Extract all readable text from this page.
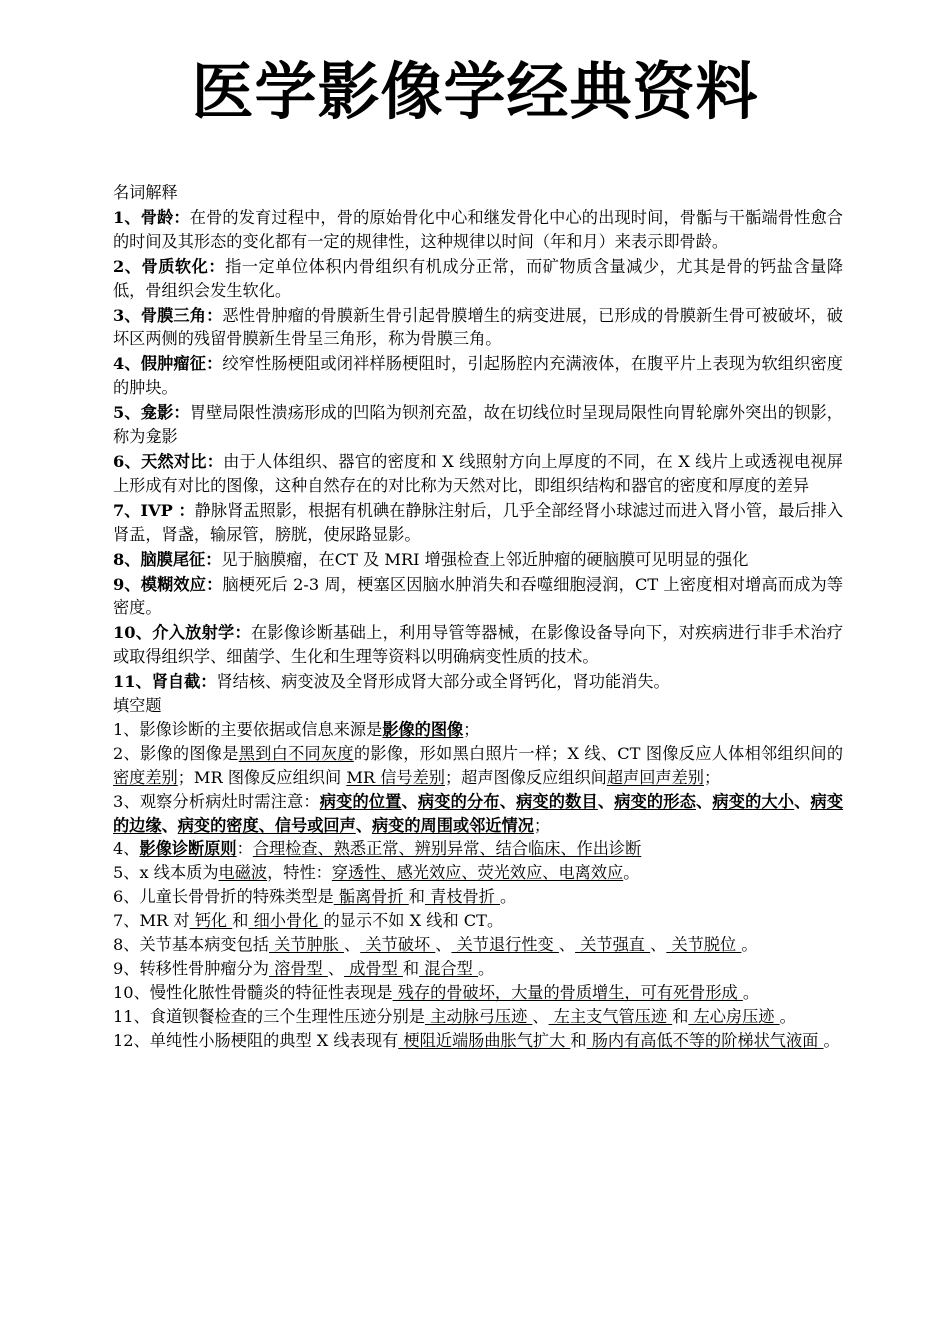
医学影像学经典资料

名词解释

1、骨龄：在骨的发育过程中，骨的原始骨化中心和继发骨化中心的出现时间，骨骺与干骺端骨性愈合的时间及其形态的变化都有一定的规律性，这种规律以时间（年和月）来表示即骨龄。

2、骨质软化：指一定单位体积内骨组织有机成分正常，而矿物质含量减少，尤其是骨的钙盐含量降低，骨组织会发生软化。

3、骨膜三角：恶性骨肿瘤的骨膜新生骨引起骨膜增生的病变进展，已形成的骨膜新生骨可被破坏，破坏区两侧的残留骨膜新生骨呈三角形，称为骨膜三角。

4、假肿瘤征：绞窄性肠梗阻或闭袢样肠梗阻时，引起肠腔内充满液体，在腹平片上表现为软组织密度的肿块。

5、龛影：胃壁局限性溃疡形成的凹陷为钡剂充盈，故在切线位时呈现局限性向胃轮廓外突出的钡影，称为龛影

6、天然对比：由于人体组织、器官的密度和 X 线照射方向上厚度的不同，在 X 线片上或透视电视屏上形成有对比的图像，这种自然存在的对比称为天然对比，即组织结构和器官的密度和厚度的差异

7、IVP ：静脉肾盂照影，根据有机碘在静脉注射后，几乎全部经肾小球滤过而进入肾小管，最后排入肾盂，肾盏，输尿管，膀胱，使尿路显影。

8、脑膜尾征：见于脑膜瘤，在CT 及 MRI 增强检查上邻近肿瘤的硬脑膜可见明显的强化

9、模糊效应：脑梗死后 2-3 周，梗塞区因脑水肿消失和吞噬细胞浸润，CT 上密度相对增高而成为等密度。

10、介入放射学：在影像诊断基础上，利用导管等器械，在影像设备导向下，对疾病进行非手术治疗或取得组织学、细菌学、生化和生理等资料以明确病变性质的技术。

11、肾自截：肾结核、病变波及全肾形成肾大部分或全肾钙化，肾功能消失。

填空题

1、影像诊断的主要依据或信息来源是影像的图像；

2、影像的图像是黑到白不同灰度的影像，形如黑白照片一样；X 线、CT 图像反应人体相邻组织间的密度差别；MR 图像反应组织间 MR 信号差别；超声图像反应组织间超声回声差别；

3、观察分析病灶时需注意：病变的位置、病变的分布、病变的数目、病变的形态、病变的大小、病变的边缘、病变的密度、信号或回声、病变的周围或邻近情况；

4、影像诊断原则：合理检查、熟悉正常、辨别异常、结合临床、作出诊断

5、x 线本质为电磁波，特性：穿透性、感光效应、荧光效应、电离效应。

6、儿童长骨骨折的特殊类型是 骺离骨折 和 青枝骨折 。

7、MR 对 钙化 和 细小骨化 的显示不如 X 线和 CT。

8、关节基本病变包括 关节肿胀 、 关节破坏 、 关节退行性变 、 关节强直 、 关节脱位 。

9、转移性骨肿瘤分为 溶骨型 、 成骨型 和 混合型 。

10、慢性化脓性骨髓炎的特征性表现是 残存的骨破坏，大量的骨质增生，可有死骨形成 。

11、食道钡餐检查的三个生理性压迹分别是 主动脉弓压迹 、 左主支气管压迹 和 左心房压迹 。

12、单纯性小肠梗阻的典型 X 线表现有 梗阻近端肠曲胀气扩大 和 肠内有高低不等的阶梯状气液面 。
